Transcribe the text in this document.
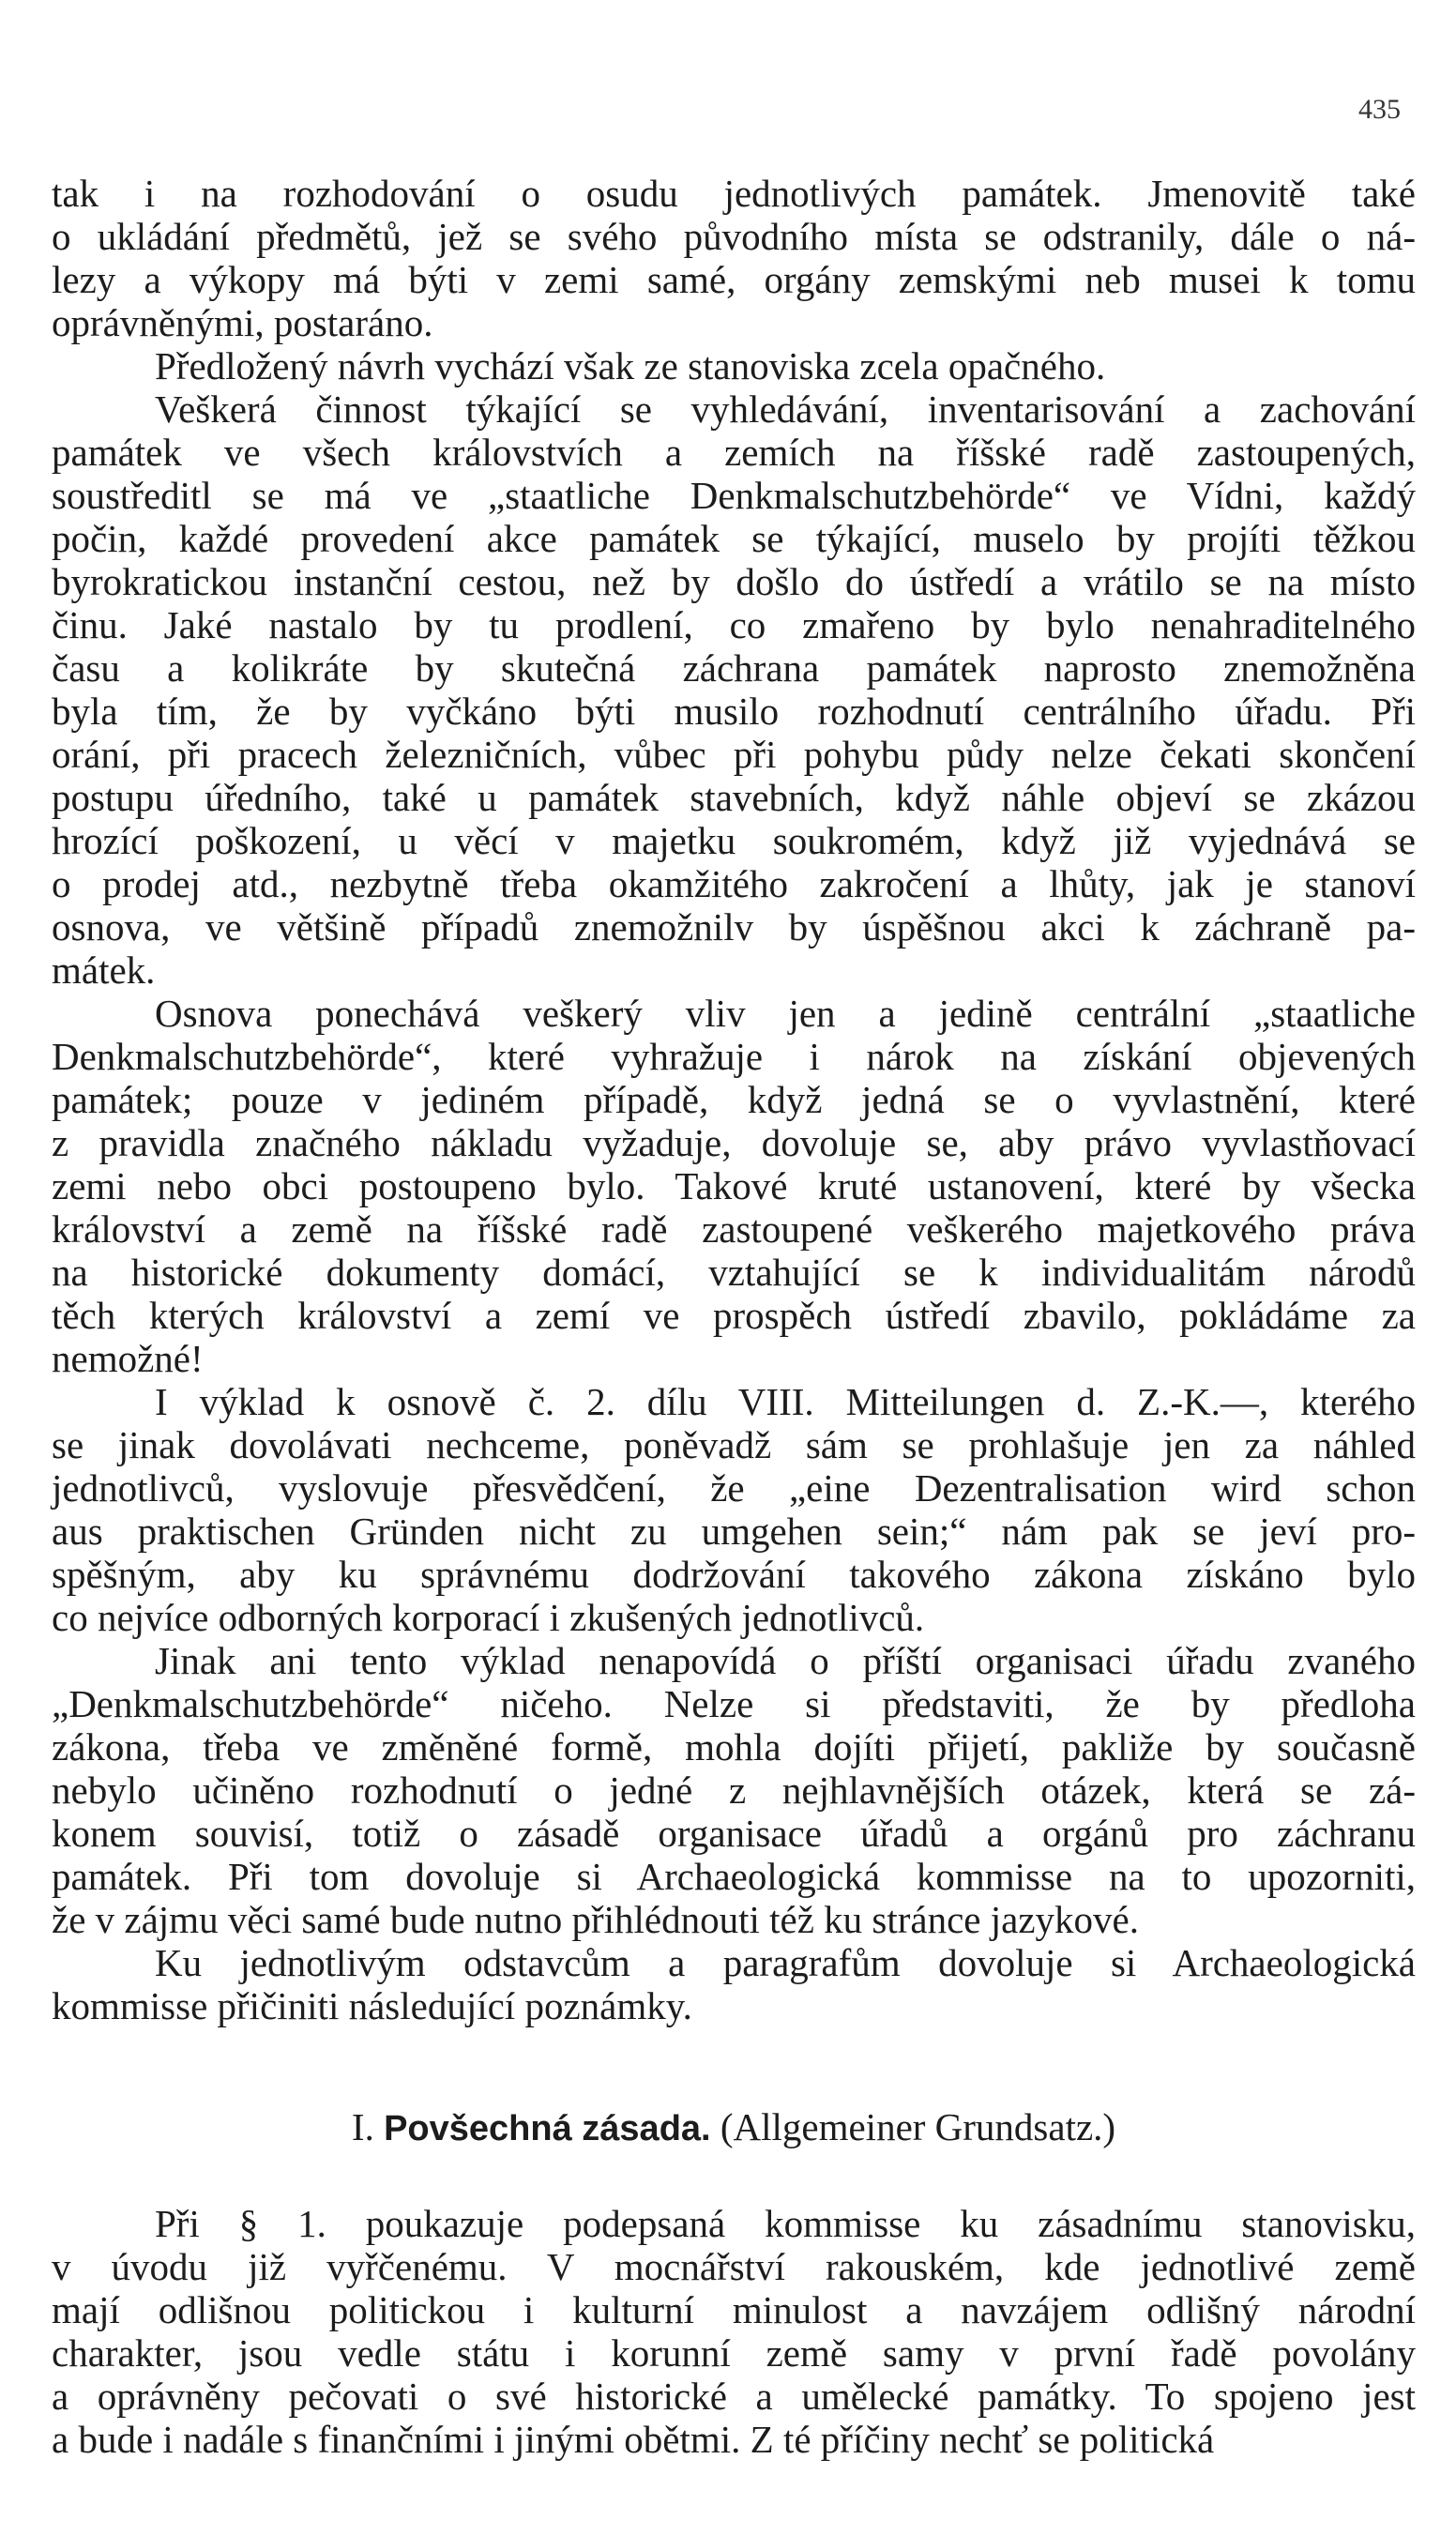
435
tak i na rozhodování o osudu jednotlivých památek. Jmenovitě také
o ukládání předmětů, jež se svého původního místa se odstranily, dále o ná-
lezy a výkopy má býti v zemi samé, orgány zemskými neb musei k tomu
oprávněnými, postaráno.
Předložený návrh vychází však ze stanoviska zcela opačného.
Veškerá činnost týkající se vyhledávání, inventarisování a zachování
památek ve všech královstvích a zemích na říšské radě zastoupených,
soustředitl se má ve „staatliche Denkmalschutzbehörde“ ve Vídni, každý
počin, každé provedení akce památek se týkající, muselo by projíti těžkou
byrokratickou instanční cestou, než by došlo do ústředí a vrátilo se na místo
činu. Jaké nastalo by tu prodlení, co zmařeno by bylo nenahraditelného
času a kolikráte by skutečná záchrana památek naprosto znemožněna
byla tím, že by vyčkáno býti musilo rozhodnutí centrálního úřadu. Při
orání, při pracech železničních, vůbec při pohybu půdy nelze čekati skončení
postupu úředního, také u památek stavebních, když náhle objeví se zkázou
hrozící poškození, u věcí v majetku soukromém, když již vyjednává se
o prodej atd., nezbytně třeba okamžitého zakročení a lhůty, jak je stanoví
osnova, ve většině případů znemožnilv by úspěšnou akci k záchraně pa-
mátek.
Osnova ponechává veškerý vliv jen a jedině centrální „staatliche
Denkmalschutzbehörde“, které vyhražuje i nárok na získání objevených
památek; pouze v jediném případě, když jedná se o vyvlastnění, které
z pravidla značného nákladu vyžaduje, dovoluje se, aby právo vyvlastňovací
zemi nebo obci postoupeno bylo. Takové kruté ustanovení, které by všecka
království a země na říšské radě zastoupené veškerého majetkového práva
na historické dokumenty domácí, vztahující se k individualitám národů
těch kterých království a zemí ve prospěch ústředí zbavilo, pokládáme za
nemožné!
I výklad k osnově č. 2. dílu VIII. Mitteilungen d. Z.-K.—, kterého
se jinak dovolávati nechceme, poněvadž sám se prohlašuje jen za náhled
jednotlivců, vyslovuje přesvědčení, že „eine Dezentralisation wird schon
aus praktischen Gründen nicht zu umgehen sein;“ nám pak se jeví pro-
spěšným, aby ku správnému dodržování takového zákona získáno bylo
co nejvíce odborných korporací i zkušených jednotlivců.
Jinak ani tento výklad nenapovídá o příští organisaci úřadu zvaného
„Denkmalschutzbehörde“ ničeho. Nelze si představiti, že by předloha
zákona, třeba ve změněné formě, mohla dojíti přijetí, pakliže by současně
nebylo učiněno rozhodnutí o jedné z nejhlavnějších otázek, která se zá-
konem souvisí, totiž o zásadě organisace úřadů a orgánů pro záchranu
památek. Při tom dovoluje si Archaeologická kommisse na to upozorniti,
že v zájmu věci samé bude nutno přihlédnouti též ku stránce jazykové.
Ku jednotlivým odstavcům a paragrafům dovoluje si Archaeologická
kommisse přičiniti následující poznámky.
I. Povšechná zásada. (Allgemeiner Grundsatz.)
Při § 1. poukazuje podepsaná kommisse ku zásadnímu stanovisku,
v úvodu již vyřčenému. V mocnářství rakouském, kde jednotlivé země
mají odlišnou politickou i kulturní minulost a navzájem odlišný národní
charakter, jsou vedle státu i korunní země samy v první řadě povolány
a oprávněny pečovati o své historické a umělecké památky. To spojeno jest
a bude i nadále s finančními i jinými obětmi. Z té příčiny nechť se politická
